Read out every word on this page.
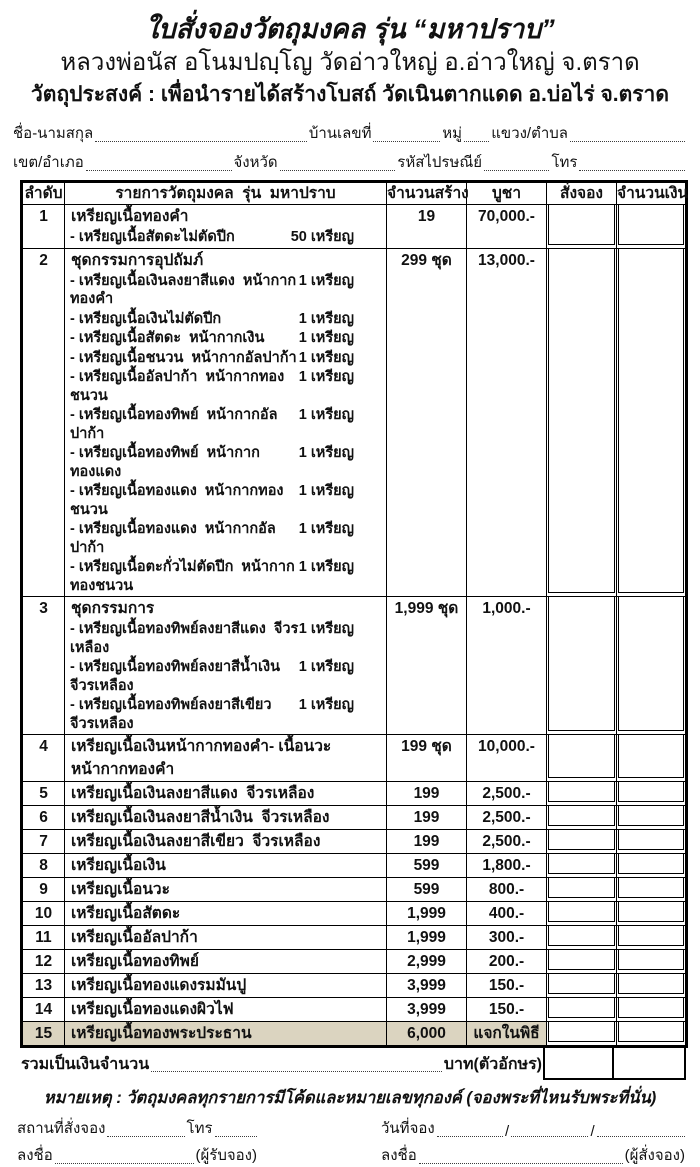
ใบสั่งจองวัตถุมงคล รุ่น “มหาปราบ”
หลวงพ่อนัส อโนมปญฺโญ วัดอ่าวใหญ่ อ.อ่าวใหญ่ จ.ตราด
วัตถุประสงค์ : เพื่อนำรายได้สร้างโบสถ์ วัดเนินตากแดด อ.บ่อไร่ จ.ตราด
ชื่อ-นามสกุล	บ้านเลขที่	หมู่ แขวง/ตำบล
เขต/อำเภอ	จังหวัด	รหัสไปรษณีย์	โทร
ลำดับ	รายการวัตถุมงคล  รุ่น  มหาปราบ	จำนวนสร้าง	บูชา	สั่งจอง	จำนวนเงิน
1	เหรียญเนื้อทองคำ
- เหรียญเนื้อสัตดะไม่ตัดปีก 50 เหรียญ	19	70,000.-	

2	ชุดกรรมการอุปถัมภ์
- เหรียญเนื้อเงินลงยาสีแดง  หน้ากากทองคำ
1 เหรียญ
- เหรียญเนื้อเงินไม่ตัดปีก	1 เหรียญ
- เหรียญเนื้อสัตดะ  หน้ากากเงิน 1 เหรียญ
- เหรียญเนื้อชนวน  หน้ากากอัลปาก้า 1 เหรียญ
- เหรียญเนื้ออัลปาก้า  หน้ากากทองชนวน
1 เหรียญ
- เหรียญเนื้อทองทิพย์  หน้ากากอัลปาก้า
1 เหรียญ
- เหรียญเนื้อทองทิพย์  หน้ากากทองแดง
1 เหรียญ
- เหรียญเนื้อทองแดง  หน้ากากทองชนวน
1 เหรียญ
- เหรียญเนื้อทองแดง  หน้ากากอัลปาก้า
1 เหรียญ
- เหรียญเนื้อตะกั่วไม่ตัดปีก  หน้ากากทองชนวน
1 เหรียญ
	299 ชุด	13,000.-	

3	ชุดกรรมการ
- เหรียญเนื้อทองทิพย์ลงยาสีแดง  จีวรเหลือง
1 เหรียญ
- เหรียญเนื้อทองทิพย์ลงยาสีน้ำเงิน  จีวรเหลือง
1 เหรียญ
- เหรียญเนื้อทองทิพย์ลงยาสีเขียว  จีวรเหลือง
1 เหรียญ
	1,999 ชุด	1,000.-	

4	เหรียญเนื้อเงินหน้ากากทองคำ- เนื้อนวะหน้ากากทองคำ	199 ชุด	10,000.-	

5	เหรียญเนื้อเงินลงยาสีแดง  จีวรเหลือง	199	2,500.-	

6	เหรียญเนื้อเงินลงยาสีน้ำเงิน  จีวรเหลือง	199	2,500.-	

7	เหรียญเนื้อเงินลงยาสีเขียว  จีวรเหลือง	199	2,500.-	

8	เหรียญเนื้อเงิน	599	1,800.-	

9	เหรียญเนื้อนวะ	599	800.-	

10	เหรียญเนื้อสัตดะ	1,999	400.-	

11	เหรียญเนื้ออัลปาก้า	1,999	300.-	

12	เหรียญเนื้อทองทิพย์	2,999	200.-	

13	เหรียญเนื้อทองแดงรมมันปู	3,999	150.-	

14	เหรียญเนื้อทองแดงผิวไฟ	3,999	150.-	

15	เหรียญเนื้อทองพระประธาน	6,000	แจกในพิธี	

รวมเป็นเงินจำนวน	บาท(ตัวอักษร)
หมายเหตุ : วัตถุมงคลทุกรายการมีโค้ดและหมายเลขทุกองค์ (จองพระที่ไหนรับพระที่นั่น)
สถานที่สั่งจอง	โทร	วันที่จอง	/	/
ลงชื่อ	(ผู้รับจอง)	ลงชื่อ	(ผู้สั่งจอง)
